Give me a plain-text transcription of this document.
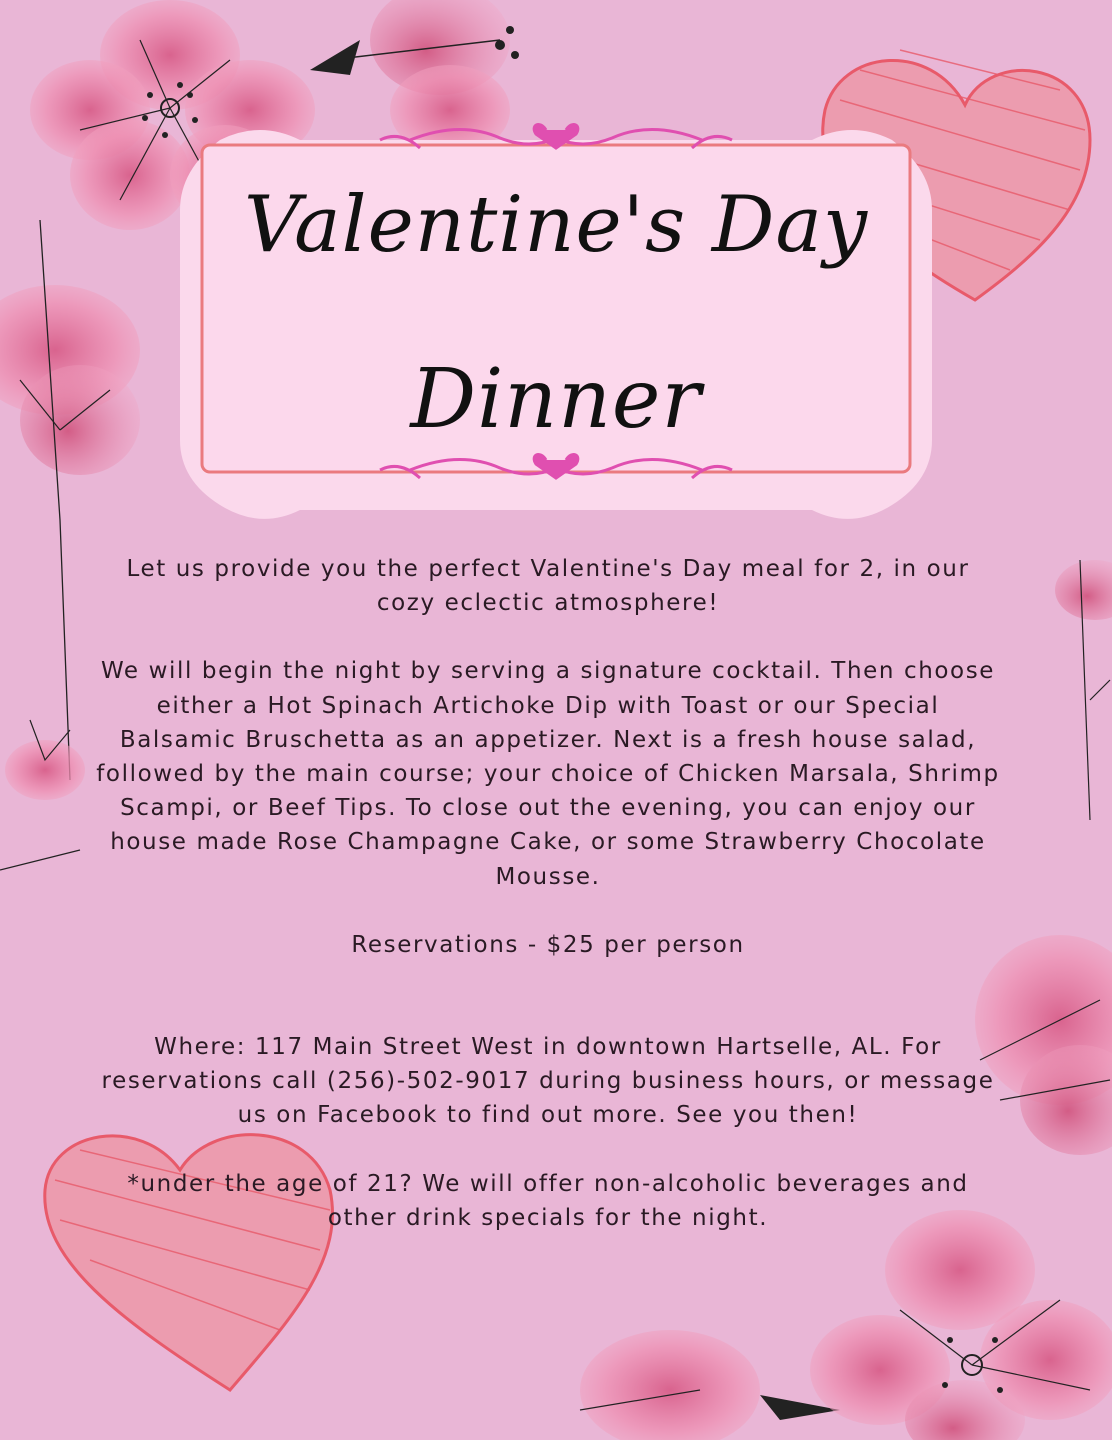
Valentine's Day
Dinner

Let us provide you the perfect Valentine's Day meal for 2, in our cozy eclectic atmosphere!

We will begin the night by serving a signature cocktail. Then choose either a Hot Spinach Artichoke Dip with Toast or our Special Balsamic Bruschetta as an appetizer. Next is a fresh house salad, followed by the main course; your choice of Chicken Marsala, Shrimp Scampi, or Beef Tips. To close out the evening, you can enjoy our house made Rose Champagne Cake, or some Strawberry Chocolate Mousse.

Reservations - $25 per person

Where: 117 Main Street West in downtown Hartselle, AL. For reservations call (256)-502-9017 during business hours, or message us on Facebook to find out more. See you then!

*under the age of 21? We will offer non-alcoholic beverages and other drink specials for the night.
